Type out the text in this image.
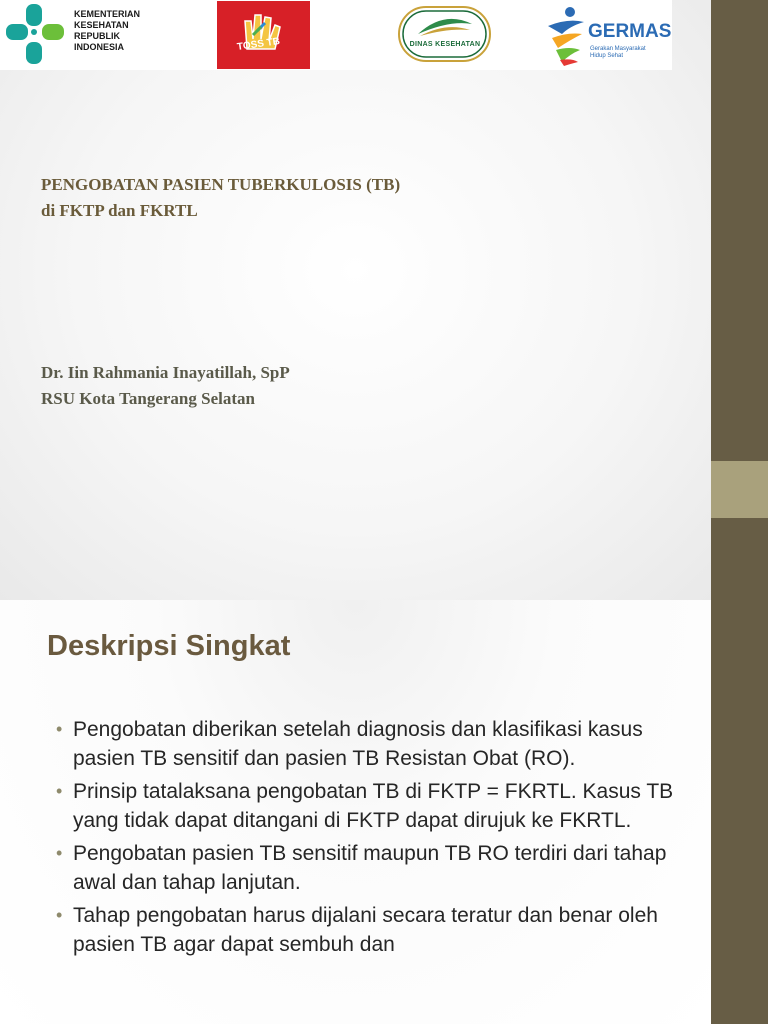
KEMENTERIAN
KESEHATAN
REPUBLIK
INDONESIA	TOSS TB	DINAS KESEHATAN
GERMAS
Gerakan Masyarakat
Hidup Sehat
PENGOBATAN PASIEN TUBERKULOSIS (TB)
di FKTP dan FKRTL
Dr. Iin Rahmania Inayatillah, SpP
RSU Kota Tangerang Selatan
Deskripsi Singkat
• Pengobatan diberikan setelah diagnosis dan klasifikasi kasus pasien TB sensitif dan pasien TB Resistan Obat (RO).
• Prinsip tatalaksana pengobatan TB di FKTP = FKRTL. Kasus TB yang tidak dapat ditangani di FKTP dapat dirujuk ke FKRTL.
• Pengobatan pasien TB sensitif maupun TB RO terdiri dari tahap awal dan tahap lanjutan.
• Tahap pengobatan harus dijalani secara teratur dan benar oleh pasien TB agar dapat sembuh dan
